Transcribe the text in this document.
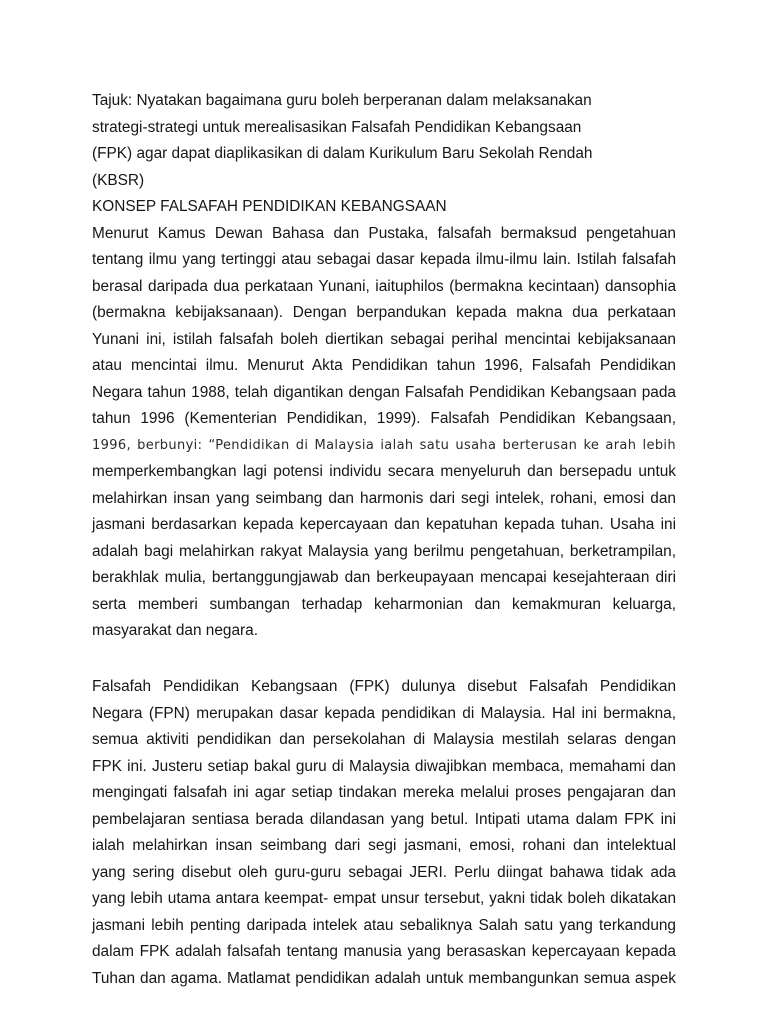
Tajuk: Nyatakan bagaimana guru boleh berperanan dalam melaksanakan
strategi-strategi untuk merealisasikan Falsafah Pendidikan Kebangsaan
(FPK) agar dapat diaplikasikan di dalam Kurikulum Baru Sekolah Rendah
(KBSR)
KONSEP FALSAFAH PENDIDIKAN KEBANGSAAN
Menurut Kamus Dewan Bahasa dan Pustaka, falsafah bermaksud pengetahuan
tentang ilmu yang tertinggi atau sebagai dasar kepada ilmu-ilmu lain. Istilah falsafah
berasal daripada dua perkataan Yunani, iaituphilos (bermakna kecintaan) dansophia
(bermakna kebijaksanaan). Dengan berpandukan kepada makna dua perkataan
Yunani ini, istilah falsafah boleh diertikan sebagai perihal mencintai kebijaksanaan
atau mencintai ilmu. Menurut Akta Pendidikan tahun 1996, Falsafah Pendidikan
Negara tahun 1988, telah digantikan dengan Falsafah Pendidikan Kebangsaan pada
tahun 1996 (Kementerian Pendidikan, 1999). Falsafah Pendidikan Kebangsaan,
1996, berbunyi: “Pendidikan di Malaysia ialah satu usaha berterusan ke arah lebih
memperkembangkan lagi potensi individu secara menyeluruh dan bersepadu untuk
melahirkan insan yang seimbang dan harmonis dari segi intelek, rohani, emosi dan
jasmani berdasarkan kepada kepercayaan dan kepatuhan kepada tuhan. Usaha ini
adalah bagi melahirkan rakyat Malaysia yang berilmu pengetahuan, berketrampilan,
berakhlak mulia, bertanggungjawab dan berkeupayaan mencapai kesejahteraan diri
serta memberi sumbangan terhadap keharmonian dan kemakmuran keluarga,
masyarakat dan negara.
Falsafah Pendidikan Kebangsaan (FPK) dulunya disebut Falsafah Pendidikan
Negara (FPN) merupakan dasar kepada pendidikan di Malaysia. Hal ini bermakna,
semua aktiviti pendidikan dan persekolahan di Malaysia mestilah selaras dengan
FPK ini. Justeru setiap bakal guru di Malaysia diwajibkan membaca, memahami dan
mengingati falsafah ini agar setiap tindakan mereka melalui proses pengajaran dan
pembelajaran sentiasa berada dilandasan yang betul. Intipati utama dalam FPK ini
ialah melahirkan insan seimbang dari segi jasmani, emosi, rohani dan intelektual
yang sering disebut oleh guru-guru sebagai JERI. Perlu diingat bahawa tidak ada
yang lebih utama antara keempat- empat unsur tersebut, yakni tidak boleh dikatakan
jasmani lebih penting daripada intelek atau sebaliknya Salah satu yang terkandung
dalam FPK adalah falsafah tentang manusia yang berasaskan kepercayaan kepada
Tuhan dan agama. Matlamat pendidikan adalah untuk membangunkan semua aspek
